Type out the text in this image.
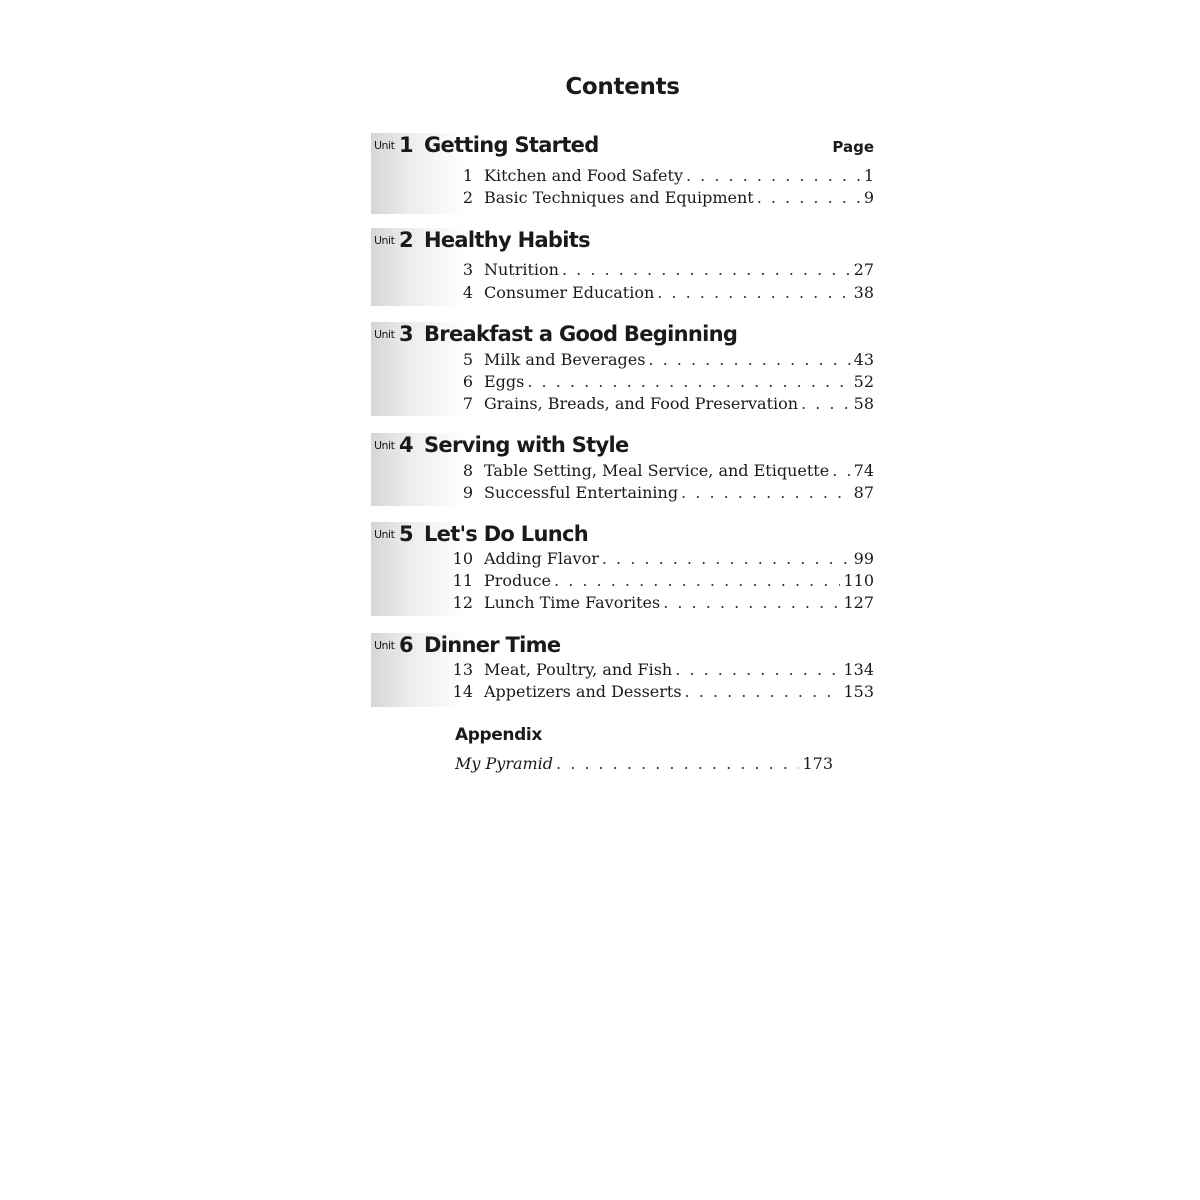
Contents
Unit 1 Getting Started	Page
1 Kitchen and Food Safety . . .	1
2 Basic Techniques and Equipment . . .	9
Unit 2 Healthy Habits
3 Nutrition . . .	27
4 Consumer Education . . .	38
Unit 3 Breakfast a Good Beginning
5 Milk and Beverages . . .	43
6 Eggs . . .	52
7 Grains, Breads, and Food Preservation . . .	58
Unit 4 Serving with Style
8 Table Setting, Meal Service, and Etiquette . . . 74
9 Successful Entertaining . . .	87
Unit 5 Let's Do Lunch
10 Adding Flavor . . .	99
11 Produce . . .	110
12 Lunch Time Favorites . . .	127
Unit 6 Dinner Time
13 Meat, Poultry, and Fish . . .	134
14 Appetizers and Desserts . . .	153
Appendix
My Pyramid . . .	173
